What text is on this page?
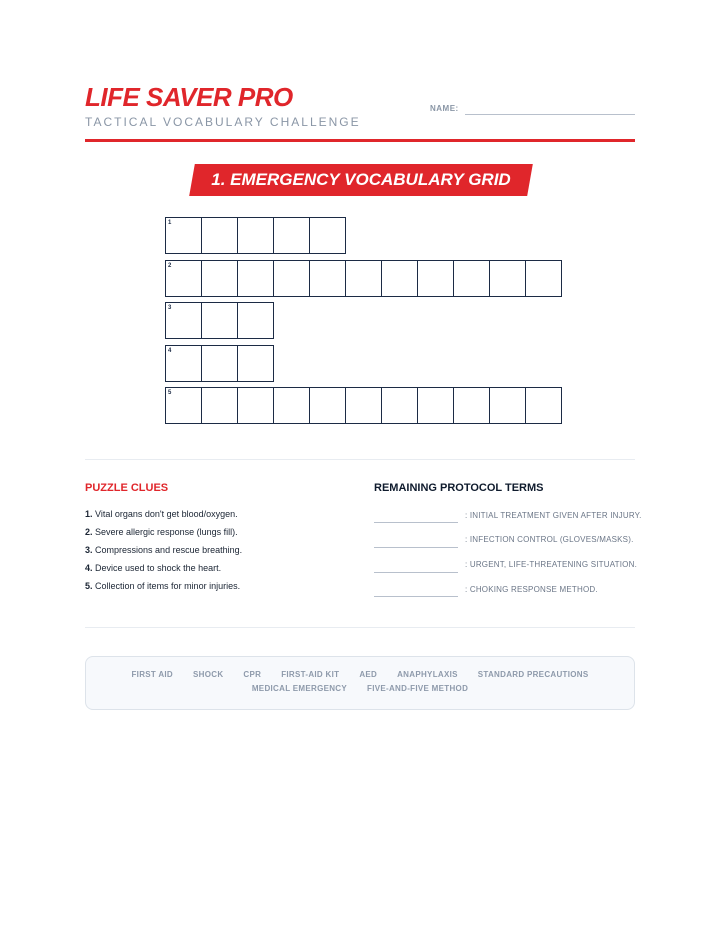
LIFE SAVER PRO
TACTICAL VOCABULARY CHALLENGE
NAME:
1. EMERGENCY VOCABULARY GRID
1
2
3
4
5
PUZZLE CLUES
1. Vital organs don't get blood/oxygen.
2. Severe allergic response (lungs fill).
3. Compressions and rescue breathing.
4. Device used to shock the heart.
5. Collection of items for minor injuries.
REMAINING PROTOCOL TERMS
: INITIAL TREATMENT GIVEN AFTER INJURY.
: INFECTION CONTROL (GLOVES/MASKS).
: URGENT, LIFE-THREATENING SITUATION.
: CHOKING RESPONSE METHOD.
FIRST AID	SHOCK	CPR	FIRST-AID KIT	AED	ANAPHYLAXIS	STANDARD PRECAUTIONS
MEDICAL EMERGENCY	FIVE-AND-FIVE METHOD
